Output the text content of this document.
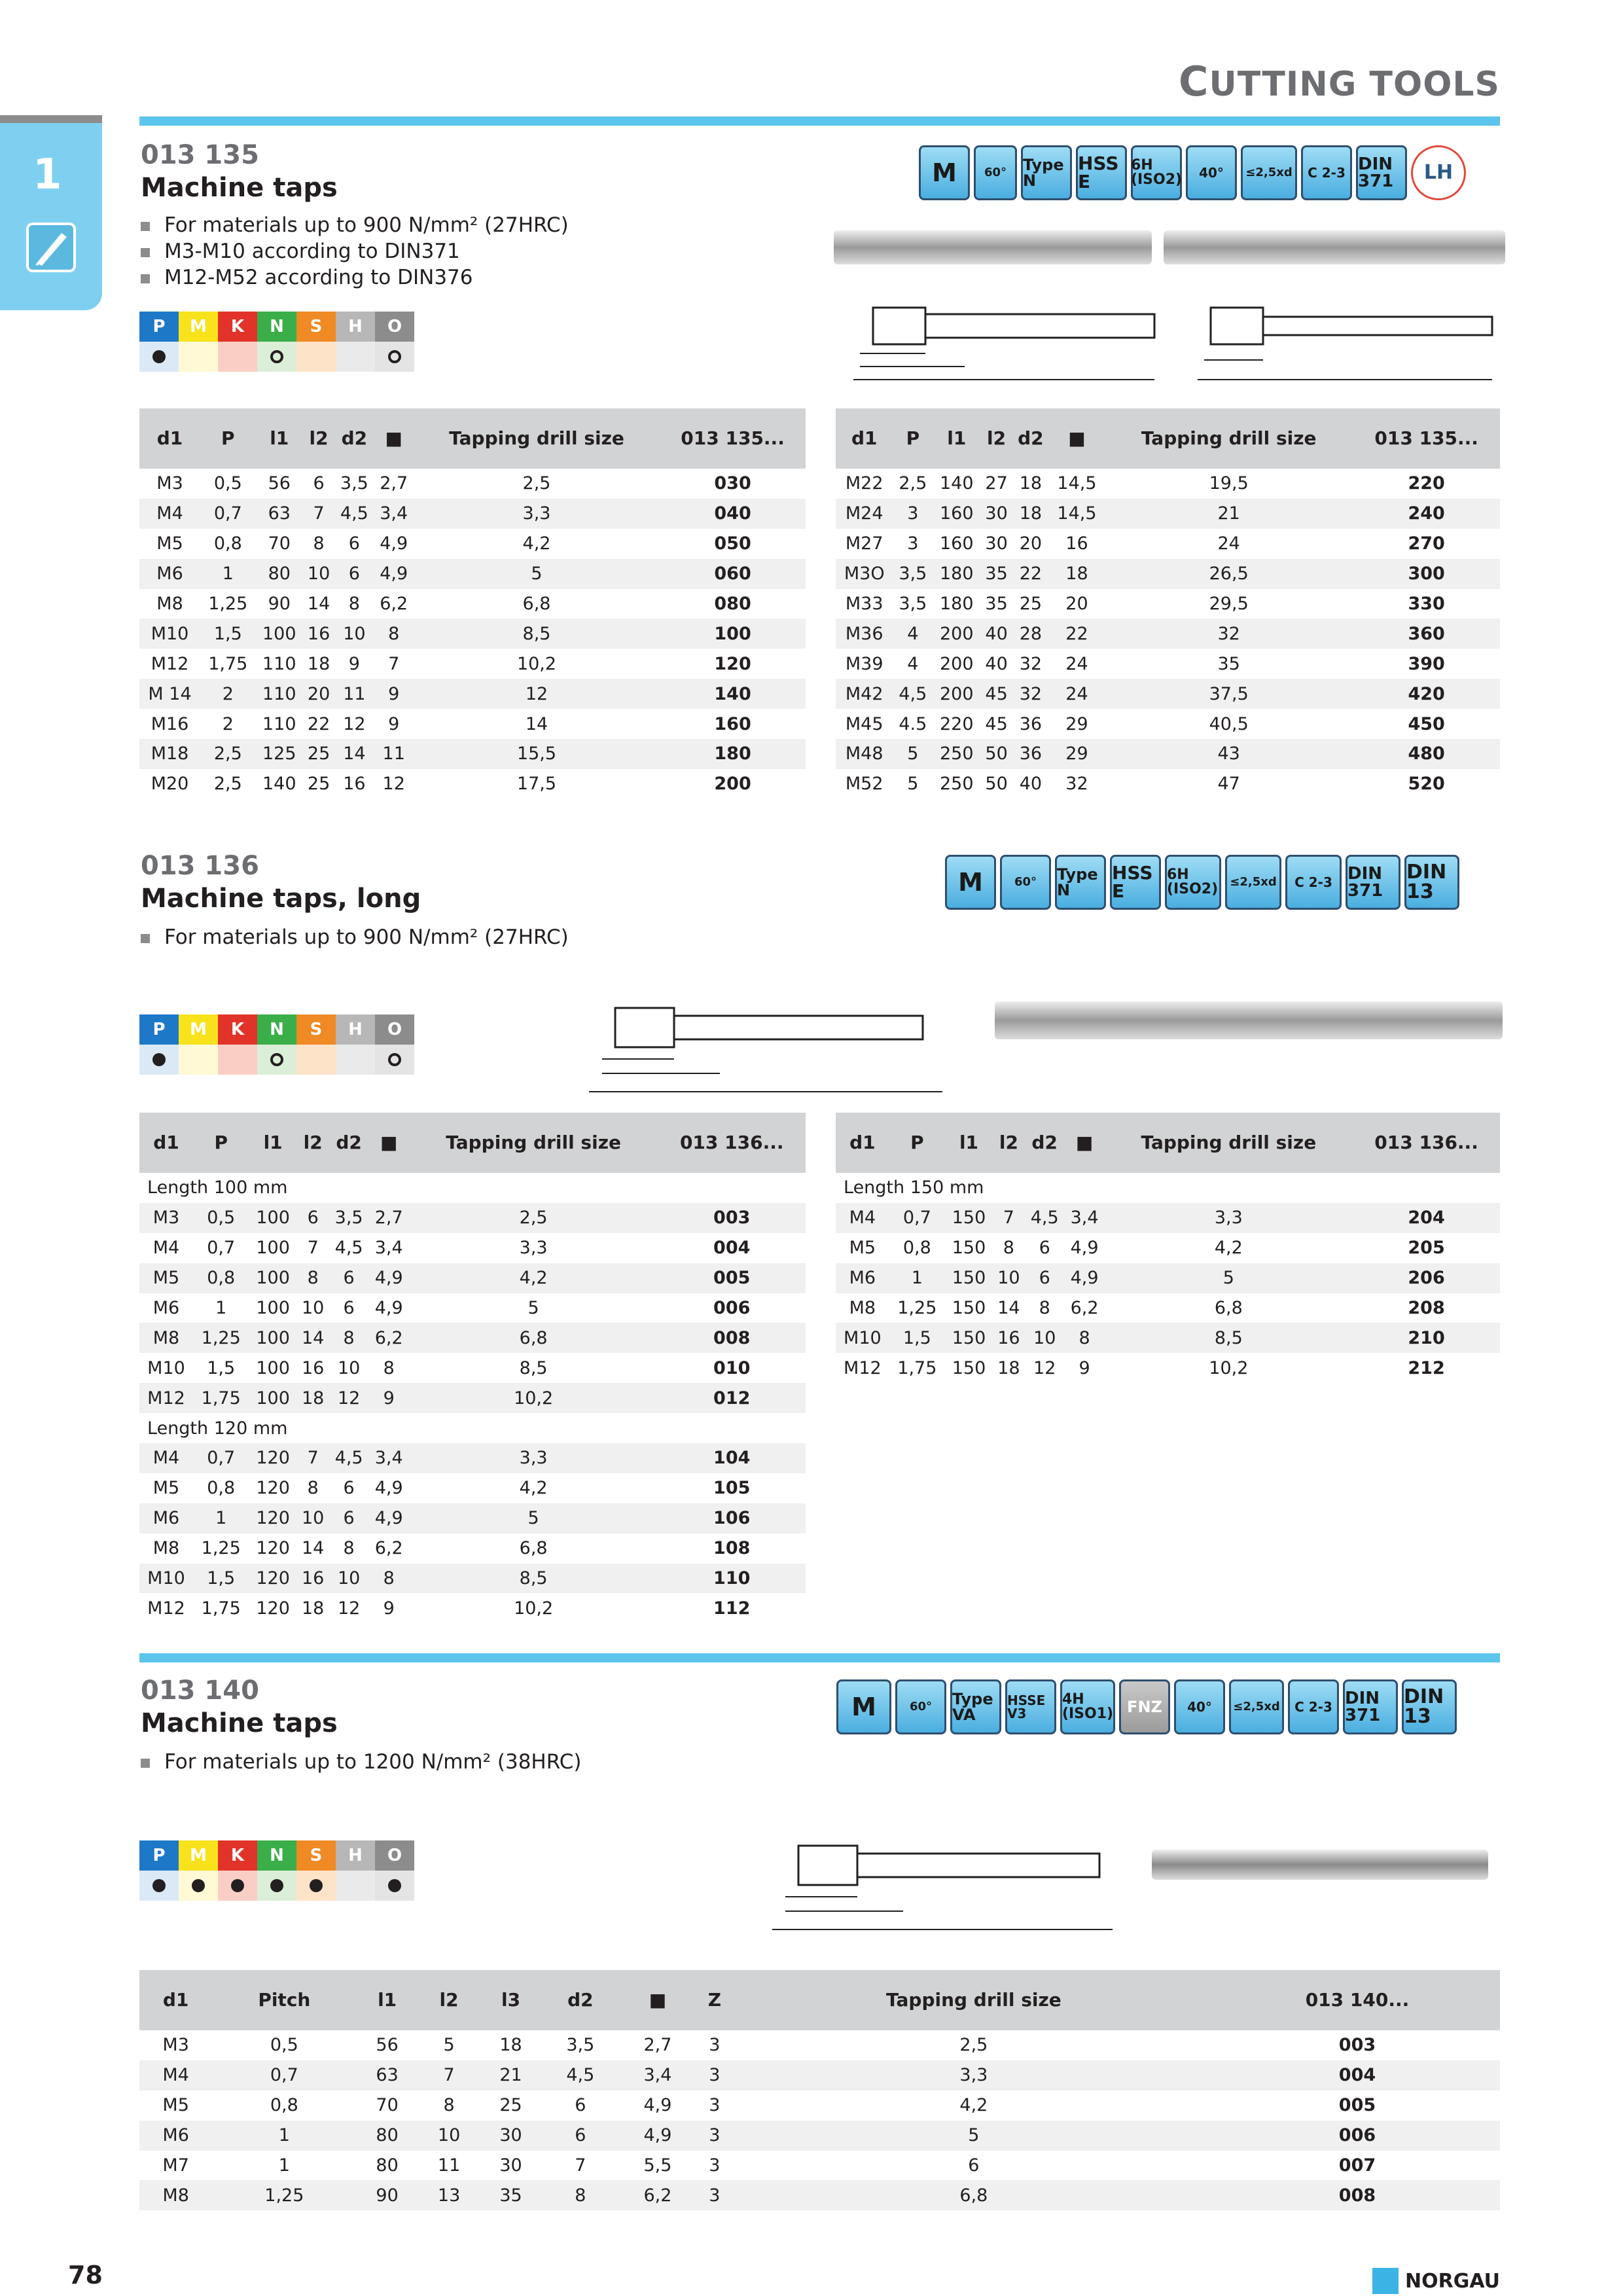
CUTTING TOOLS
1	013 135
Machine taps
For materials up to 900 N/mm² (27HRC)
M3-M10 according to DIN371
M12-M52 according to DIN376
M	60°	Type N
HSS E
6H (ISO2)	40°	≤2,5xd	C 2-3 DIN 371	LH
P	M	K	N	S	H	O
d1	P	l1	l2	d2	■	Tapping drill size	013 135...
M3	0,5	56	6	3,5	2,7	2,5	030
M4	0,7	63	7	4,5	3,4	3,3	040
M5	0,8	70	8	6	4,9	4,2	050
M6	1	80	10	6	4,9	5	060
M8	1,25	90	14	8	6,2	6,8	080
M10	1,5	100	16	10	8	8,5	100
M12	1,75	110	18	9	7	10,2	120
M 14	2	110	20	11	9	12	140
M16	2	110	22	12	9	14	160
M18	2,5	125	25	14	11	15,5	180
M20	2,5	140	25	16	12	17,5	200
d1	P	l1	l2	d2	■	Tapping drill size	013 135...
M22	2,5	140	27	18	14,5	19,5	220
M24	3	160	30	18	14,5	21	240
M27	3	160	30	20	16	24	270
M3O	3,5	180	35	22	18	26,5	300
M33	3,5	180	35	25	20	29,5	330
M36	4	200	40	28	22	32	360
M39	4	200	40	32	24	35	390
M42	4,5	200	45	32	24	37,5	420
M45	4.5	220	45	36	29	40,5	450
M48	5	250	50	36	29	43	480
M52	5	250	50	40	32	47	520
013 136
Machine taps, long
For materials up to 900 N/mm² (27HRC)
M	60°	Type N
HSS E
6H (ISO2)	≤2,5xd	C 2-3 DIN 371
DIN 13
P	M	K	N	S	H	O
d1	P	l1	l2	d2	■	Tapping drill size	013 136...
Length 100 mm							
M3	0,5	100	6	3,5	2,7	2,5	003
M4	0,7	100	7	4,5	3,4	3,3	004
M5	0,8	100	8	6	4,9	4,2	005
M6	1	100	10	6	4,9	5	006
M8	1,25	100	14	8	6,2	6,8	008
M10	1,5	100	16	10	8	8,5	010
M12	1,75	100	18	12	9	10,2	012
Length 120 mm							
M4	0,7	120	7	4,5	3,4	3,3	104
M5	0,8	120	8	6	4,9	4,2	105
M6	1	120	10	6	4,9	5	106
M8	1,25	120	14	8	6,2	6,8	108
M10	1,5	120	16	10	8	8,5	110
M12	1,75	120	18	12	9	10,2	112
d1	P	l1	l2	d2	■	Tapping drill size	013 136...
Length 150 mm							
M4	0,7	150	7	4,5	3,4	3,3	204
M5	0,8	150	8	6	4,9	4,2	205
M6	1	150	10	6	4,9	5	206
M8	1,25	150	14	8	6,2	6,8	208
M10	1,5	150	16	10	8	8,5	210
M12	1,75	150	18	12	9	10,2	212
013 140
Machine taps
For materials up to 1200 N/mm² (38HRC)
M	60°	Type VA
HSSE V3
4H (ISO1) FNZ	40°	≤2,5xd	C 2-3 DIN 371
DIN 13
P	M	K	N	S	H	O
d1	Pitch	l1	l2	l3	d2	■	Z	Tapping drill size	013 140...
M3	0,5	56	5	18	3,5	2,7	3	2,5	003
M4	0,7	63	7	21	4,5	3,4	3	3,3	004
M5	0,8	70	8	25	6	4,9	3	4,2	005
M6	1	80	10	30	6	4,9	3	5	006
M7	1	80	11	30	7	5,5	3	6	007
M8	1,25	90	13	35	8	6,2	3	6,8	008
78	NORGAU
